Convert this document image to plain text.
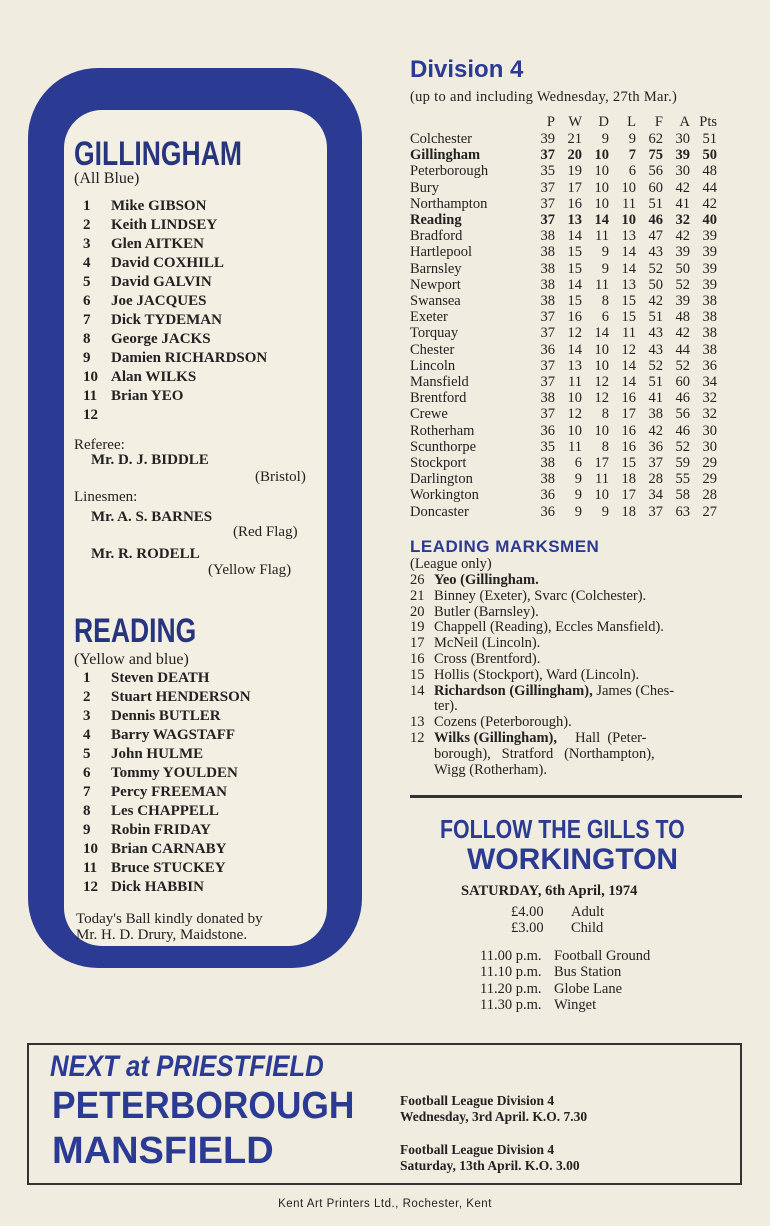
GILLINGHAM
(All Blue)
1 Mike GIBSON
2 Keith LINDSEY
3 Glen AITKEN
4 David COXHILL
5 David GALVIN
6 Joe JACQUES
7 Dick TYDEMAN
8 George JACKS
9 Damien RICHARDSON
10 Alan WILKS
11 Brian YEO
12
Referee:
Mr. D. J. BIDDLE
(Bristol)
Linesmen:
Mr. A. S. BARNES
(Red Flag)
Mr. R. RODELL
(Yellow Flag)
READING
(Yellow and blue)
1 Steven DEATH
2 Stuart HENDERSON
3 Dennis BUTLER
4 Barry WAGSTAFF
5 John HULME
6 Tommy YOULDEN
7 Percy FREEMAN
8 Les CHAPPELL
9 Robin FRIDAY
10 Brian CARNABY
11 Bruce STUCKEY
12 Dick HABBIN
Today's Ball kindly donated by
Mr. H. D. Drury, Maidstone.
Division 4
(up to and including Wednesday, 27th Mar.)
	P	W	D	L	F	A	Pts
Colchester	39	21	9	9	62	30	51
Gillingham	37	20	10	7	75	39	50
Peterborough	35	19	10	6	56	30	48
Bury	37	17	10	10	60	42	44
Northampton	37	16	10	11	51	41	42
Reading	37	13	14	10	46	32	40
Bradford	38	14	11	13	47	42	39
Hartlepool	38	15	9	14	43	39	39
Barnsley	38	15	9	14	52	50	39
Newport	38	14	11	13	50	52	39
Swansea	38	15	8	15	42	39	38
Exeter	37	16	6	15	51	48	38
Torquay	37	12	14	11	43	42	38
Chester	36	14	10	12	43	44	38
Lincoln	37	13	10	14	52	52	36
Mansfield	37	11	12	14	51	60	34
Brentford	38	10	12	16	41	46	32
Crewe	37	12	8	17	38	56	32
Rotherham	36	10	10	16	42	46	30
Scunthorpe	35	11	8	16	36	52	30
Stockport	38	6	17	15	37	59	29
Darlington	38	9	11	18	28	55	29
Workington	36	9	10	17	34	58	28
Doncaster	36	9	9	18	37	63	27
LEADING MARKSMEN
(League only)
26 Yeo (Gillingham.
21 Binney (Exeter), Svarc (Colchester).
20 Butler (Barnsley).
19 Chappell (Reading), Eccles Mansfield).
17 McNeil (Lincoln).
16 Cross (Brentford).
15 Hollis (Stockport), Ward (Lincoln).
14 Richardson (Gillingham), James (Ches-
ter).
13 Cozens (Peterborough).
12 Wilks (Gillingham),     Hall  (Peter-
borough),   Stratford   (Northampton),
Wigg (Rotherham).
FOLLOW THE GILLS TO
WORKINGTON
SATURDAY, 6th April, 1974
£4.00 Adult
£3.00 Child
11.00 p.m. Football Ground
11.10 p.m. Bus Station
11.20 p.m. Globe Lane
11.30 p.m. Winget
NEXT at PRIESTFIELD
PETERBOROUGH	Football League Division 4
Wednesday, 3rd April. K.O. 7.30
MANSFIELD	Football League Division 4
Saturday, 13th April. K.O. 3.00
Kent Art Printers Ltd., Rochester, Kent
